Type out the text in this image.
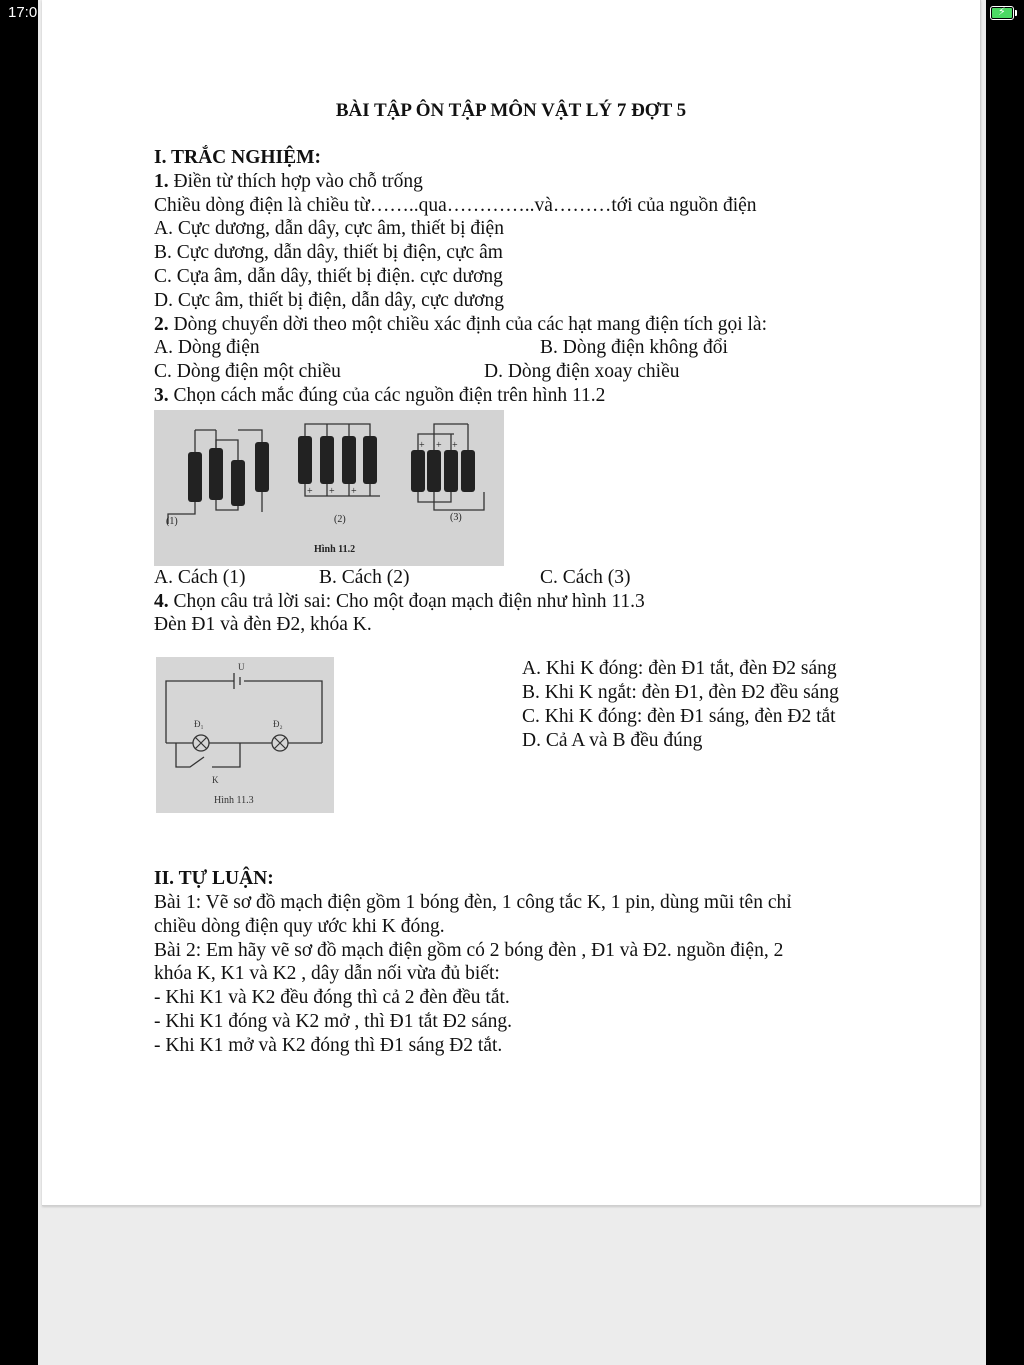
17:0	⚡
BÀI TẬP ÔN TẬP MÔN VẬT LÝ 7 ĐỢT 5
I. TRẮC NGHIỆM:
1. Điền từ thích hợp vào chỗ trống
Chiều dòng điện là chiều từ……..qua…………..và………tới của nguồn điện
A. Cực dương, dẫn dây, cực âm, thiết bị điện
B. Cực dương, dẫn dây, thiết bị điện, cực âm
C. Cựa âm, dẫn dây, thiết bị điện. cực dương
D. Cực âm, thiết bị điện, dẫn dây, cực dương
2. Dòng chuyển dời theo một chiều xác định của các hạt mang điện tích gọi là:
A. Dòng điện	B. Dòng điện không đổi
C. Dòng điện một chiều	D. Dòng điện xoay chiều
3. Chọn cách mắc đúng của các nguồn điện trên hình 11.2
+ +
+
+	+ + +
+ + +
(1)	(2)	(3)
Hình 11.2
A. Cách (1)	B. Cách (2)	C. Cách (3)
4. Chọn câu trả lời sai: Cho một đoạn mạch điện như hình 11.3
Đèn Đ1 và đèn Đ2, khóa K.
U
Đ₁	Đ₂
K
Hình 11.3
A. Khi K đóng: đèn Đ1 tắt, đèn Đ2 sáng
B. Khi K ngắt: đèn Đ1, đèn Đ2 đều sáng
C. Khi K đóng: đèn Đ1 sáng, đèn Đ2 tắt
D. Cả A và B đều đúng
II. TỰ LUẬN:
Bài 1: Vẽ sơ đồ mạch điện gồm 1 bóng đèn, 1 công tắc K, 1 pin, dùng mũi tên chỉ
chiều dòng điện quy ước khi K đóng.
Bài 2: Em hãy vẽ sơ đồ mạch điện gồm có 2 bóng đèn , Đ1 và Đ2. nguồn điện, 2
khóa K, K1 và K2 , dây dẫn nối vừa đủ biết:
- Khi K1 và K2 đều đóng thì cả 2 đèn đều tắt.
- Khi K1 đóng và K2 mở , thì Đ1 tắt Đ2 sáng.
- Khi K1 mở và K2 đóng thì Đ1 sáng Đ2 tắt.
